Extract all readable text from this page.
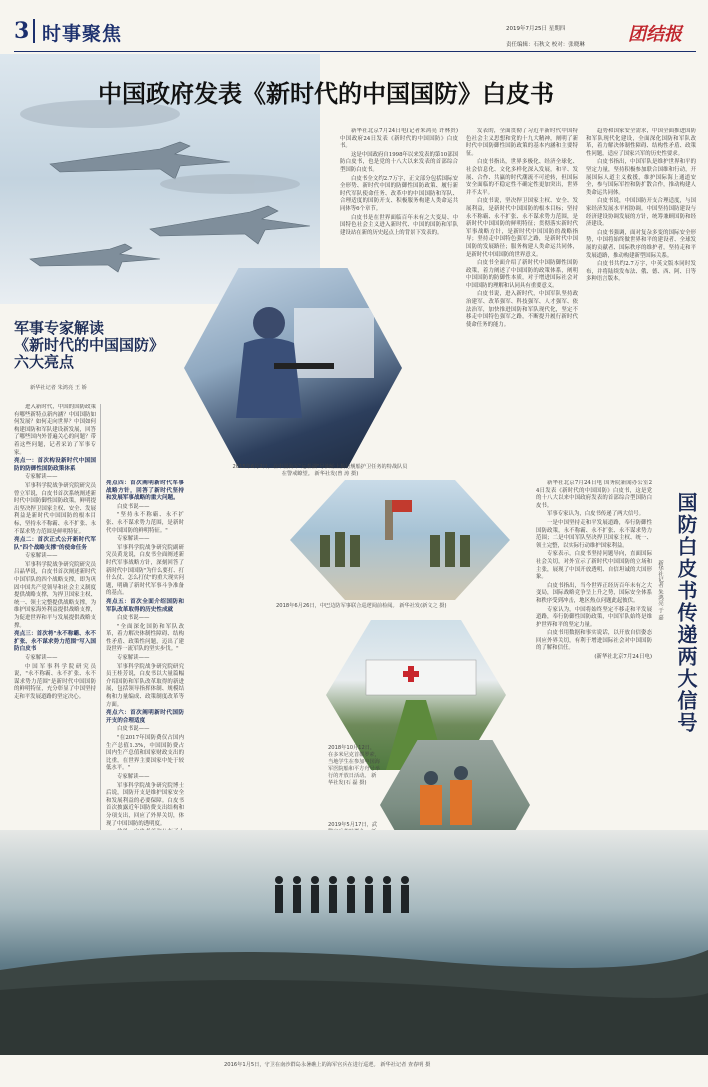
3 时事聚焦	2019年7月25日 星期四
责任编辑：石秋文 校对：张晓琳 团结报
中国政府发表《新时代的中国国防》白皮书

新华社北京7月24日电(记者朱鸿亮 许林贵)中国政府24日发表《新时代的中国国防》白皮书。

这是中国政府自1998年以来发表的第10部国防白皮书，也是党的十八大以来发表的首部综合型国防白皮书。

白皮书全文约2.7万字，正文部分包括国际安全形势、新时代中国的防御性国防政策、履行新时代军队使命任务、改革中的中国国防和军队、合理适度的国防开支、积极服务构建人类命运共同体等6个章节。

白皮书是在世界面临百年未有之大变局、中国特色社会主义进入新时代、中国的国防和军队建设站在新的历史起点上的背景下发表的。

发表的，全面贯彻了习近平新时代中国特色社会主义思想和党的十九大精神，阐明了新时代中国防御性国防政策的基本内涵和主要特征。

白皮书指出，世界多极化、经济全球化、社会信息化、文化多样化深入发展，和平、发展、合作、共赢的时代潮流不可逆转，但国际安全面临的不稳定性不确定性更加突出，世界并不太平。

白皮书说，坚决捍卫国家主权、安全、发展利益，是新时代中国国防的根本目标；坚持永不称霸、永不扩张、永不谋求势力范围，是新时代中国国防的鲜明特征；贯彻落实新时代军事战略方针，是新时代中国国防的战略指导；坚持走中国特色强军之路，是新时代中国国防的发展路径；服务构建人类命运共同体，是新时代中国国防的世界意义。

白皮书全面介绍了新时代中国防御性国防政策，着力阐述了中国国防的政策体系，阐明中国国防的防御性本质，对于增进国际社会对中国国防的理解和认同具有重要意义。

白皮书说，进入新时代，中国军队坚持政治建军、改革强军、科技强军、人才强军、依法治军，加快推进国防和军队现代化，坚定不移走中国特色强军之路，不断提升履行新时代使命任务的能力。

趋势和国家安全需求，中国全面推进国防和军队现代化建设，全面深化国防和军队改革，着力解决体制性障碍、结构性矛盾、政策性问题，适应了国家兴军的历史性要求。

白皮书指出，中国军队是维护世界和平的坚定力量，坚持积极参加联合国维和行动，开展国际人道主义救援，维护国际海上通道安全，参与国际军控和防扩散合作，推动构建人类命运共同体。

白皮书说，中国国防开支合理适度，与国家经济发展水平相协调。中国坚持国防建设与经济建设协调发展的方针，统筹兼顾国防和经济建设。

白皮书强调，面对复杂多变的国际安全形势，中国将始终做世界和平的建设者、全球发展的贡献者、国际秩序的维护者，坚持走和平发展道路，推动构建新型国际关系。

白皮书共约2.7万字，中英文版本同时发布，并将陆续发布法、俄、德、西、阿、日等多种语言版本。

2015年6月2日，在中国海军"远泰湖"号油轮上执行舰船护卫任务的特战队员在警戒瞭望。 新华社发(曾 涛 摄)
军事专家解读
《新时代的中国国防》
六大亮点
新华社记者 朱鸿亮 王 娇

进入新时代，中国的国防政策有哪些新特点新内涵？中国国防如何发展？如何走向世界？中国如何构建国防和军队建设新发展，回答了哪些国内外普遍关心的问题？带着这些问题，记者采访了军事专家。

亮点一：首次构设新时代中国国防的防御性国防政策体系

专家解读——

军事科学院战争研究院研究员曾立军说，白皮书首次系统阐述新时代中国防御性国防政策，鲜明提出坚决捍卫国家主权、安全、发展利益是新时代中国国防的根本目标，坚持永不称霸、永不扩张、永不谋求势力范围是鲜明特征。

亮点二：首次正式公开新时代军队"四个战略支撑"的使命任务

专家解读——

军事科学院战争研究院研究员吕晶华说，白皮书首次阐述新时代中国军队的四个战略支撑，即为巩固中国共产党领导和社会主义制度提供战略支撑，为捍卫国家主权、统一、领土完整提供战略支撑，为维护国家海外利益提供战略支撑，为促进世界和平与发展提供战略支撑。

亮点三：首次将"永不称霸、永不扩张、永不谋求势力范围"写入国防白皮书

专家解读——

中国军事科学院研究员说，"永不称霸、永不扩张、永不谋求势力范围"是新时代中国国防的鲜明特征，充分彰显了中国坚持走和平发展道路的坚定决心。

亮点四：首次阐明新时代军事战略方针，回答了新时代坚持和发展军事战略的重大问题。

白皮书说——

"坚持永不称霸、永不扩张、永不谋求势力范围，是新时代中国国防的鲜明特征。"

专家解读——

军事科学院战争研究院副研究员黄龙说，白皮书全面阐述新时代军事战略方针，深刻回答了新时代中国国防"为什么要打、打什么仗、怎么打仗"的重大现实问题，明确了新时代军事斗争准备的基点。

亮点五：首次全面介绍国防和军队改革取得的历史性成就

白皮书说——

"全面深化国防和军队改革，着力解决体制性障碍、结构性矛盾、政策性问题，迈出了建设世界一流军队的坚实步伐。"

专家解读——

军事科学院战争研究院研究员王桂芳说，白皮书以大量篇幅介绍国防和军队改革取得的新进展，包括领导指挥体制、规模结构和力量编成、政策制度改革等方面。

亮点六：首次阐明新时代国防开支的合理适度

白皮书说——

"在2017年国防费仅占国内生产总值1.3%，中国国防费占国内生产总值和国家财政支出的比重，在世界主要国家中处于较低水平。"

专家解读——

军事科学院战争研究院博士后说，国防开支是维护国家安全和发展利益的必要保障。白皮书首次披露近年国防费支出结构和分项支出，回应了外界关切，体现了中国国防的透明度。

2018年6月26日，中巴边防军事联合巡逻阅前检阅。 新华社发(新文之 摄)
2018年10月12日，在多米尼克首都罗索，当地学生在参加中国海军医院船和平方舟号举行的开放日活动。 新华社发(石 磊 摄)
2019年5月17日，武
国防白皮书传递两大信号
新华社记者 朱鸿亮 于 嘉

新华社北京7月24日电 国务院新闻办公室24日发表《新时代的中国国防》白皮书，这是党的十八大以来中国政府发表的首部综合型国防白皮书。

军事专家认为，白皮书传递了两大信号。

一是中国坚持走和平发展道路，奉行防御性国防政策，永不称霸、永不扩张、永不谋求势力范围；二是中国军队坚决捍卫国家主权、统一、领土完整，以实际行动维护国家利益。

专家表示，白皮书坚持问题导向，直面国际社会关切，对外宣示了新时代中国国防的立场和主张，展现了中国开放透明、自信坦诚的大国形象。

白皮书指出，当今世界正经历百年未有之大变局，国际战略竞争呈上升之势，国际安全体系和秩序受到冲击，地区热点问题此起彼伏。

专家认为，中国将始终坚定不移走和平发展道路，奉行防御性国防政策，中国军队始终是维护世界和平的坚定力量。

白皮书用数据和事实说话，以开放自信姿态回应外界关切，有利于增进国际社会对中国国防的了解和信任。

(新华社北京7月24日电)

2016年1月5日，守卫在南沙群岛永暑礁上的海军官兵在进行巡逻。 新华社记者 查春明 摄
